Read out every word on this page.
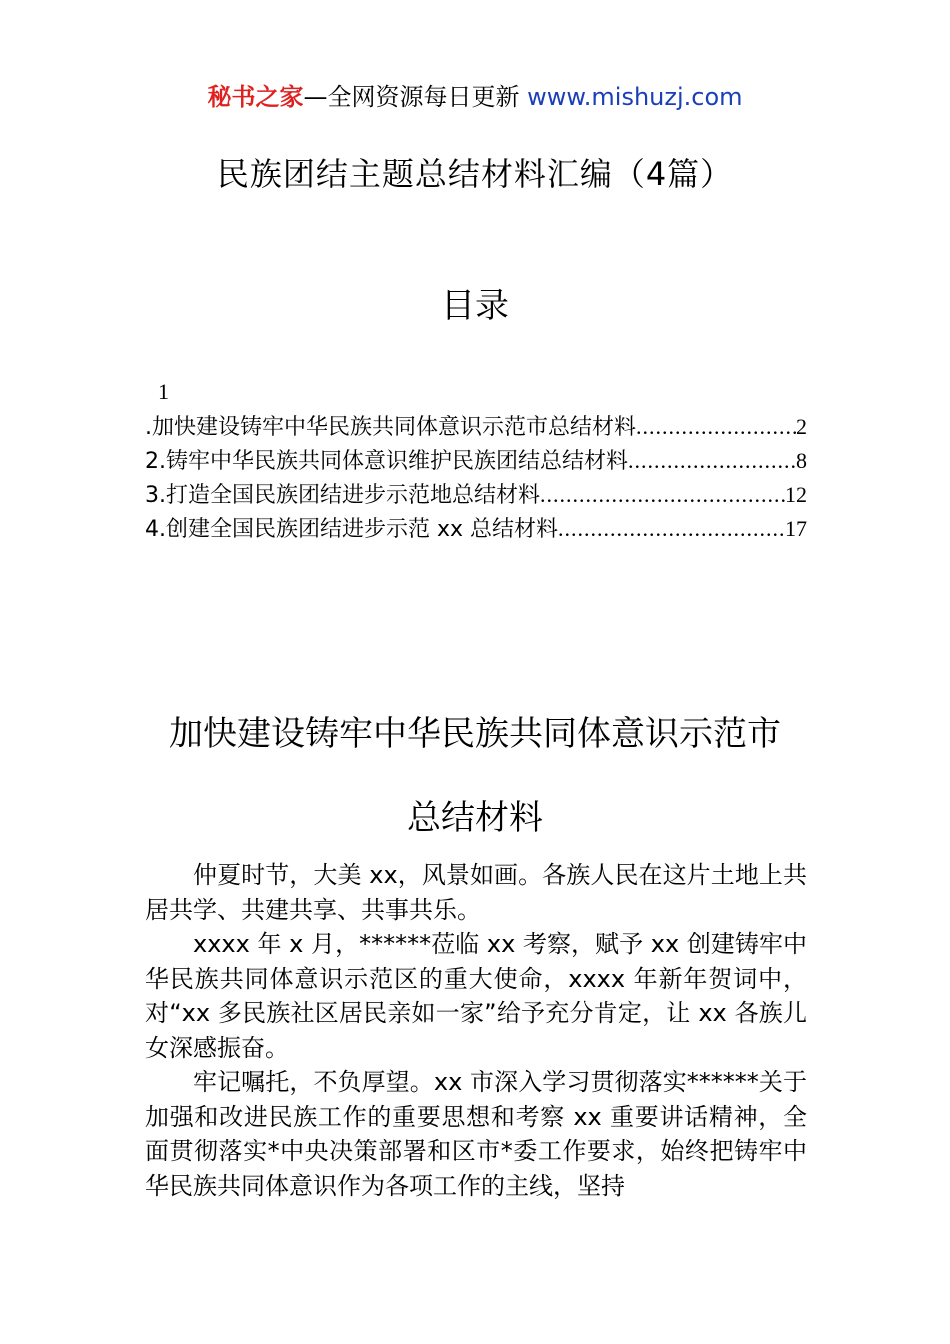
秘书之家—全网资源每日更新 www.mishuzj.com
民族团结主题总结材料汇编（4篇）
目录
1
.加快建设铸牢中华民族共同体意识示范市总结材料 .....	2
2.铸牢中华民族共同体意识维护民族团结总结材料 .....	8
3.打造全国民族团结进步示范地总结材料 .....	12
4.创建全国民族团结进步示范 xx 总结材料 .....	17
加快建设铸牢中华民族共同体意识示范市
总结材料

仲夏时节，大美 xx，风景如画。各族人民在这片土地上共居共学、共建共享、共事共乐。

xxxx 年 x 月，******莅临 xx 考察，赋予 xx 创建铸牢中华民族共同体意识示范区的重大使命，xxxx 年新年贺词中，对“xx 多民族社区居民亲如一家”给予充分肯定，让 xx 各族儿女深感振奋。

牢记嘱托，不负厚望。xx 市深入学习贯彻落实******关于加强和改进民族工作的重要思想和考察 xx 重要讲话精神，全面贯彻落实*中央决策部署和区市*委工作要求，始终把铸牢中华民族共同体意识作为各项工作的主线，坚持
